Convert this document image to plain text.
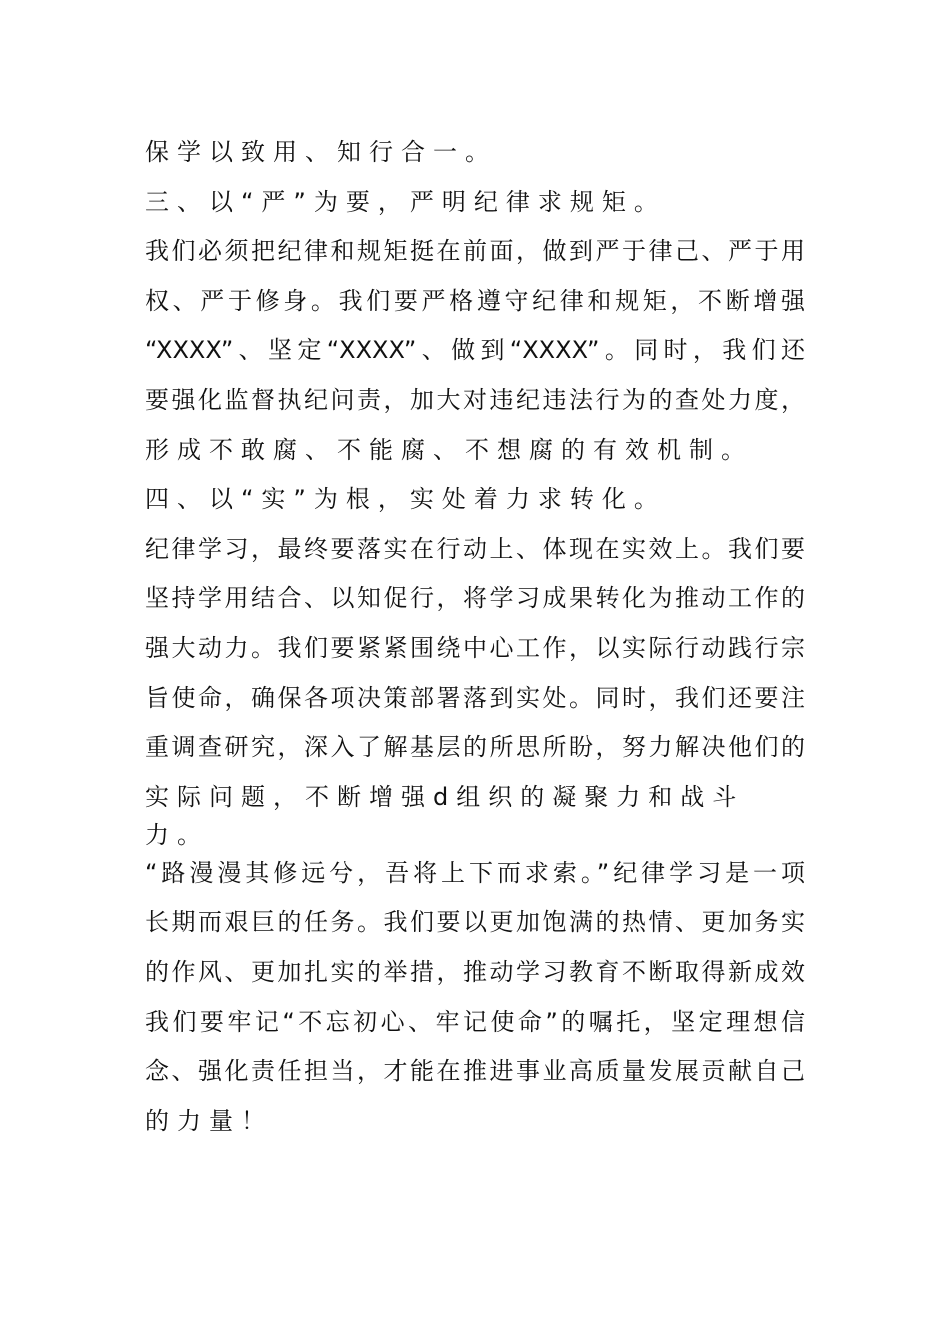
保学以致用、知行合一。
三、以“严”为要，严明纪律求规矩。
我们必须把纪律和规矩挺在前面，做到严于律己、严于用
权、严于修身。我们要严格遵守纪律和规矩，不断增强
“XXXX”、坚定“XXXX”、做到“XXXX”。同时，我们还
要强化监督执纪问责，加大对违纪违法行为的查处力度，
形成不敢腐、不能腐、不想腐的有效机制。
四、以“实”为根，实处着力求转化。
纪律学习，最终要落实在行动上、体现在实效上。我们要
坚持学用结合、以知促行，将学习成果转化为推动工作的
强大动力。我们要紧紧围绕中心工作，以实际行动践行宗
旨使命，确保各项决策部署落到实处。同时，我们还要注
重调查研究，深入了解基层的所思所盼，努力解决他们的
实际问题，不断增强d组织的凝聚力和战斗力。
“路漫漫其修远兮，吾将上下而求索。”纪律学习是一项
长期而艰巨的任务。我们要以更加饱满的热情、更加务实
的作风、更加扎实的举措，推动学习教育不断取得新成效
我们要牢记“不忘初心、牢记使命”的嘱托，坚定理想信
念、强化责任担当，才能在推进事业高质量发展贡献自己
的力量！
